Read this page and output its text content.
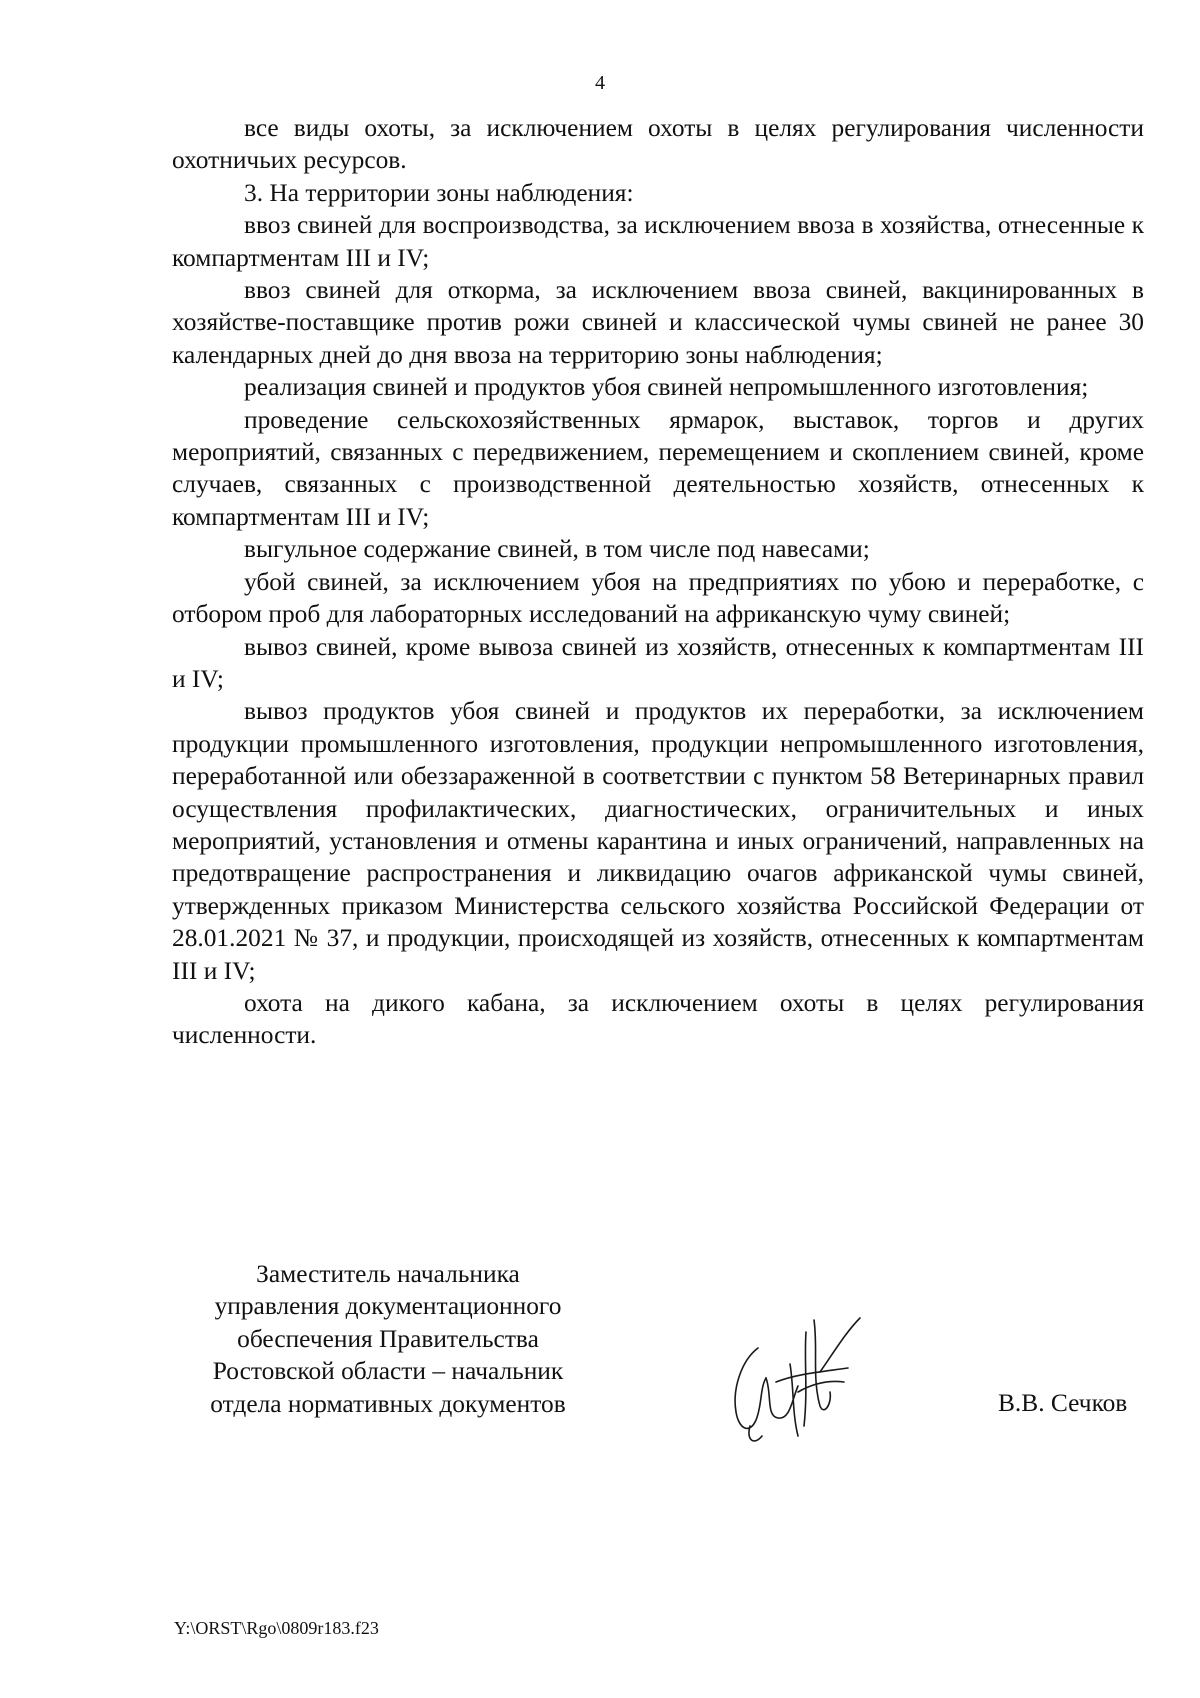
4

все виды охоты, за исключением охоты в целях регулирования численности охотничьих ресурсов.

3. На территории зоны наблюдения:

ввоз свиней для воспроизводства, за исключением ввоза в хозяйства, отнесенные к компартментам III и IV;

ввоз свиней для откорма, за исключением ввоза свиней, вакцинированных в хозяйстве-поставщике против рожи свиней и классической чумы свиней не ранее 30 календарных дней до дня ввоза на территорию зоны наблюдения;

реализация свиней и продуктов убоя свиней непромышленного изготовления;

проведение сельскохозяйственных ярмарок, выставок, торгов и других мероприятий, связанных с передвижением, перемещением и скоплением свиней, кроме случаев, связанных с производственной деятельностью хозяйств, отнесенных к компартментам III и IV;

выгульное содержание свиней, в том числе под навесами;

убой свиней, за исключением убоя на предприятиях по убою и переработке, с отбором проб для лабораторных исследований на африканскую чуму свиней;

вывоз свиней, кроме вывоза свиней из хозяйств, отнесенных к компартментам III и IV;

вывоз продуктов убоя свиней и продуктов их переработки, за исключением продукции промышленного изготовления, продукции непромышленного изготовления, переработанной или обеззараженной в соответствии с пунктом 58 Ветеринарных правил осуществления профилактических, диагностических, ограничительных и иных мероприятий, установления и отмены карантина и иных ограничений, направленных на предотвращение распространения и ликвидацию очагов африканской чумы свиней, утвержденных приказом Министерства сельского хозяйства Российской Федерации от 28.01.2021 № 37, и продукции, происходящей из хозяйств, отнесенных к компартментам III и IV;

охота на дикого кабана, за исключением охоты в целях регулирования численности.

Заместитель начальника
управления документационного
обеспечения Правительства
Ростовской области – начальник
отдела нормативных документов	В.В. Сечков
Y:\ORST\Rgo\0809r183.f23
